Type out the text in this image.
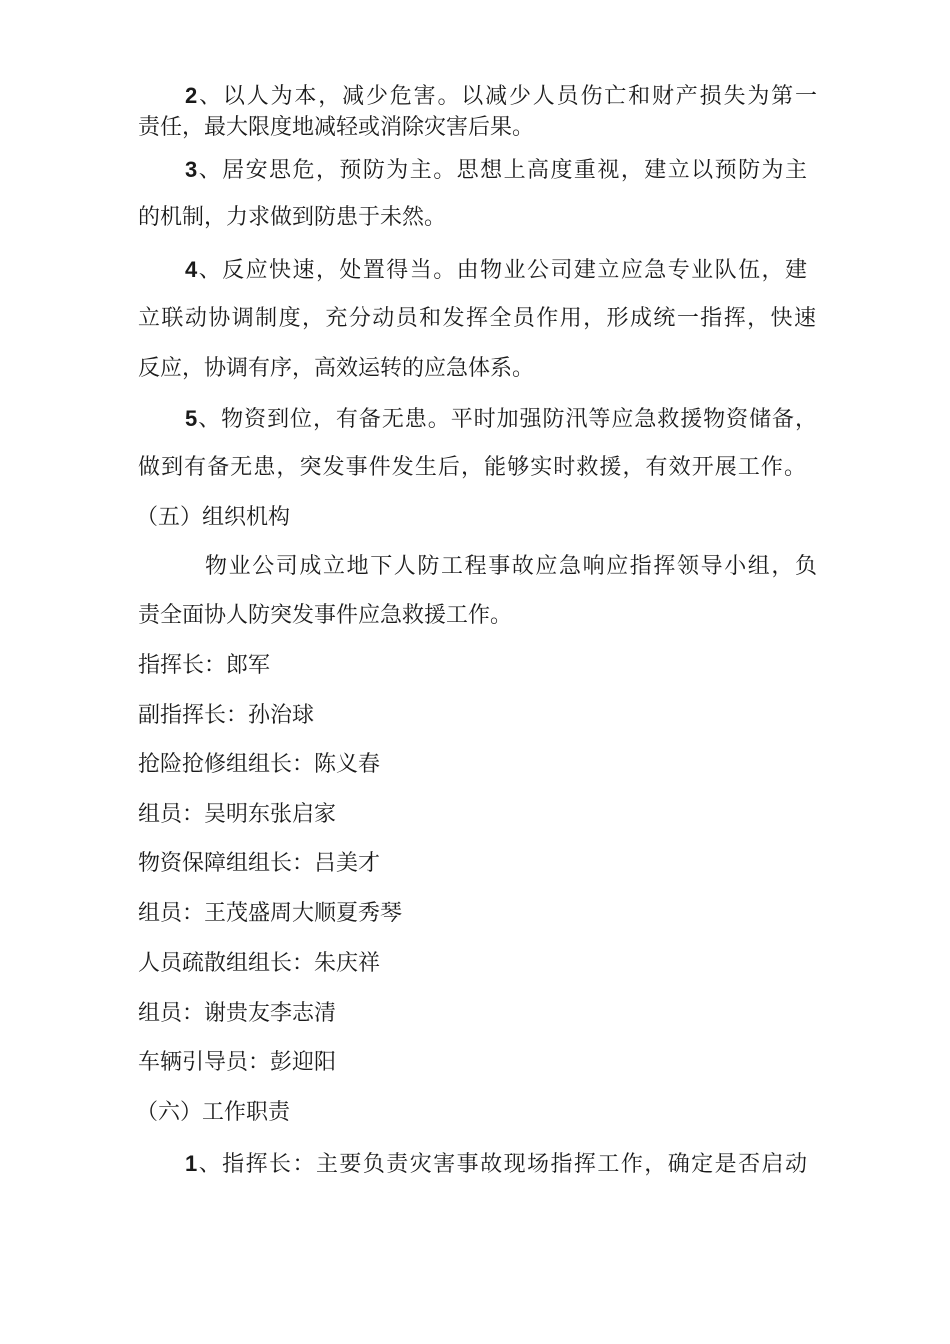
2、以人为本，减少危害。以减少人员伤亡和财产损失为第一
责任，最大限度地减轻或消除灾害后果。
3、居安思危，预防为主。思想上高度重视，建立以预防为主
的机制，力求做到防患于未然。
4、反应快速，处置得当。由物业公司建立应急专业队伍，建
立联动协调制度，充分动员和发挥全员作用，形成统一指挥，快速
反应，协调有序，高效运转的应急体系。
5、物资到位，有备无患。平时加强防汛等应急救援物资储备，
做到有备无患，突发事件发生后，能够实时救援，有效开展工作。
（五）组织机构
物业公司成立地下人防工程事故应急响应指挥领导小组，负
责全面协人防突发事件应急救援工作。
指挥长：郎军
副指挥长：孙治球
抢险抢修组组长：陈义春
组员：吴明东张启家
物资保障组组长：吕美才
组员：王茂盛周大顺夏秀琴
人员疏散组组长：朱庆祥
组员：谢贵友李志清
车辆引导员：彭迎阳
（六）工作职责
1、指挥长：主要负责灾害事故现场指挥工作，确定是否启动
